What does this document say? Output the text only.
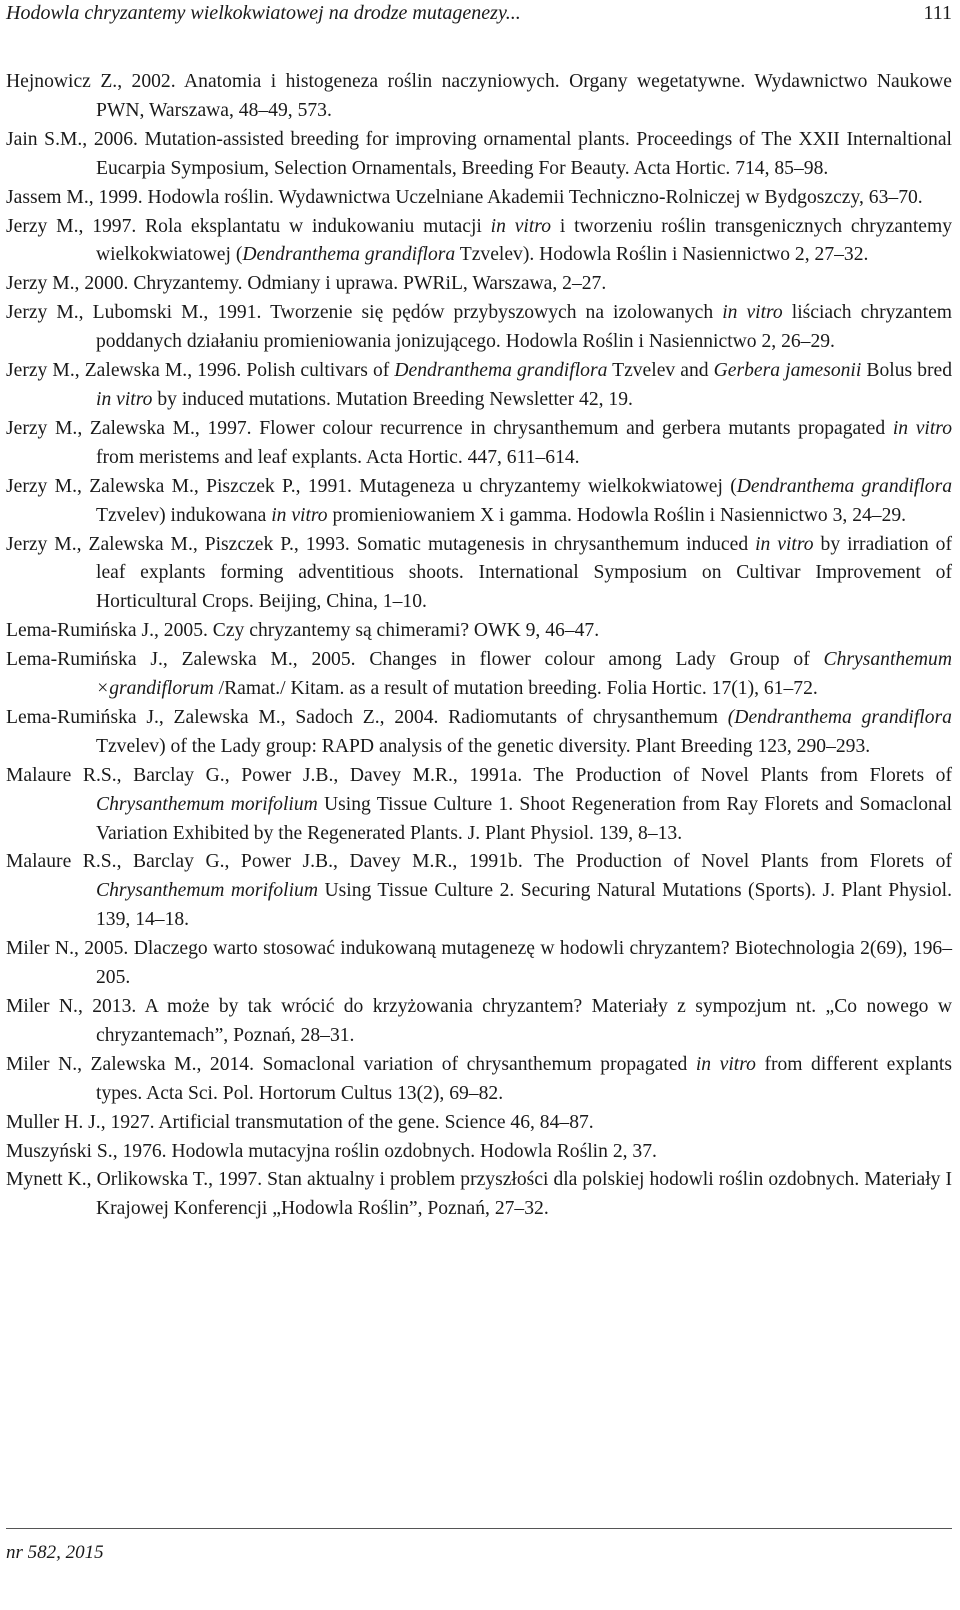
Hodowla chryzantemy wielkokwiatowej na drodze mutagenezy...	111

Hejnowicz Z., 2002. Anatomia i histogeneza roślin naczyniowych. Organy wegetatywne. Wydawnictwo Naukowe PWN, Warszawa, 48–49, 573.

Jain S.M., 2006. Mutation-assisted breeding for improving ornamental plants. Proceedings of The XXII Internaltional Eucarpia Symposium, Selection Ornamentals, Breeding For Beauty. Acta Hortic. 714, 85–98.

Jassem M., 1999. Hodowla roślin. Wydawnictwa Uczelniane Akademii Techniczno-Rolniczej w Bydgoszczy, 63–70.

Jerzy M., 1997. Rola eksplantatu w indukowaniu mutacji in vitro i tworzeniu roślin transgenicznych chryzantemy wielkokwiatowej (Dendranthema grandiflora Tzvelev). Hodowla Roślin i Nasiennictwo 2, 27–32.

Jerzy M., 2000. Chryzantemy. Odmiany i uprawa. PWRiL, Warszawa, 2–27.

Jerzy M., Lubomski M., 1991. Tworzenie się pędów przybyszowych na izolowanych in vitro liściach chryzantem poddanych działaniu promieniowania jonizującego. Hodowla Roślin i Nasiennictwo 2, 26–29.

Jerzy M., Zalewska M., 1996. Polish cultivars of Dendranthema grandiflora Tzvelev and Gerbera jamesonii Bolus bred in vitro by induced mutations. Mutation Breeding Newsletter 42, 19.

Jerzy M., Zalewska M., 1997. Flower colour recurrence in chrysanthemum and gerbera mutants propagated in vitro from meristems and leaf explants. Acta Hortic. 447, 611–614.

Jerzy M., Zalewska M., Piszczek P., 1991. Mutageneza u chryzantemy wielkokwiatowej (Dendranthema grandiflora Tzvelev) indukowana in vitro promieniowaniem X i gamma. Hodowla Roślin i Nasiennictwo 3, 24–29.

Jerzy M., Zalewska M., Piszczek P., 1993. Somatic mutagenesis in chrysanthemum induced in vitro by irradiation of leaf explants forming adventitious shoots. International Symposium on Cultivar Improvement of Horticultural Crops. Beijing, China, 1–10.

Lema-Rumińska J., 2005. Czy chryzantemy są chimerami? OWK 9, 46–47.

Lema-Rumińska J., Zalewska M., 2005. Changes in flower colour among Lady Group of Chrysanthemum ×grandiflorum /Ramat./ Kitam. as a result of mutation breeding. Folia Hortic. 17(1), 61–72.

Lema-Rumińska J., Zalewska M., Sadoch Z., 2004. Radiomutants of chrysanthemum (Dendranthema grandiflora Tzvelev) of the Lady group: RAPD analysis of the genetic diversity. Plant Breeding 123, 290–293.

Malaure R.S., Barclay G., Power J.B., Davey M.R., 1991a. The Production of Novel Plants from Florets of Chrysanthemum morifolium Using Tissue Culture 1. Shoot Regeneration from Ray Florets and Somaclonal Variation Exhibited by the Regenerated Plants. J. Plant Physiol. 139, 8–13.

Malaure R.S., Barclay G., Power J.B., Davey M.R., 1991b. The Production of Novel Plants from Florets of Chrysanthemum morifolium Using Tissue Culture 2. Securing Natural Mutations (Sports). J. Plant Physiol. 139, 14–18.

Miler N., 2005. Dlaczego warto stosować indukowaną mutagenezę w hodowli chryzantem? Biotechnologia 2(69), 196–205.

Miler N., 2013. A może by tak wrócić do krzyżowania chryzantem? Materiały z sympozjum nt. „Co nowego w chryzantemach”, Poznań, 28–31.

Miler N., Zalewska M., 2014. Somaclonal variation of chrysanthemum propagated in vitro from different explants types. Acta Sci. Pol. Hortorum Cultus 13(2), 69–82.

Muller H. J., 1927. Artificial transmutation of the gene. Science 46, 84–87.

Muszyński S., 1976. Hodowla mutacyjna roślin ozdobnych. Hodowla Roślin 2, 37.

Mynett K., Orlikowska T., 1997. Stan aktualny i problem przyszłości dla polskiej hodowli roślin ozdobnych. Materiały I Krajowej Konferencji „Hodowla Roślin”, Poznań, 27–32.

nr 582, 2015
